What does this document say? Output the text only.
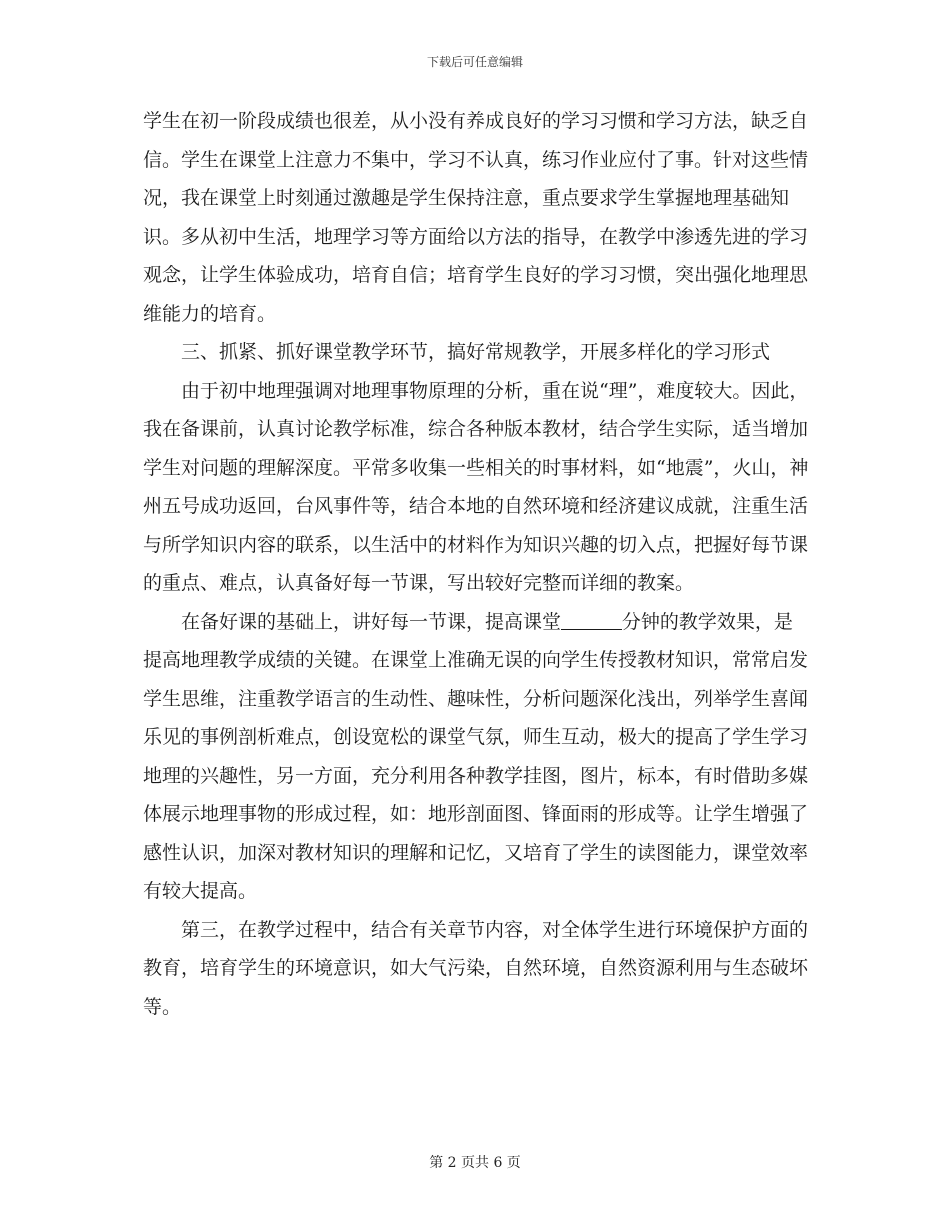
下载后可任意编辑

学生在初一阶段成绩也很差，从小没有养成良好的学习习惯和学习方法，缺乏自信。学生在课堂上注意力不集中，学习不认真，练习作业应付了事。针对这些情况，我在课堂上时刻通过激趣是学生保持注意，重点要求学生掌握地理基础知识。多从初中生活，地理学习等方面给以方法的指导，在教学中渗透先进的学习观念，让学生体验成功，培育自信；培育学生良好的学习习惯，突出强化地理思维能力的培育。

三、抓紧、抓好课堂教学环节，搞好常规教学，开展多样化的学习形式

由于初中地理强调对地理事物原理的分析，重在说“理”，难度较大。因此，我在备课前，认真讨论教学标准，综合各种版本教材，结合学生实际，适当增加学生对问题的理解深度。平常多收集一些相关的时事材料，如“地震”，火山，神州五号成功返回，台风事件等，结合本地的自然环境和经济建议成就，注重生活与所学知识内容的联系，以生活中的材料作为知识兴趣的切入点，把握好每节课的重点、难点，认真备好每一节课，写出较好完整而详细的教案。

在备好课的基础上，讲好每一节课，提高课堂	分钟的教学效果，是提高地理教学成绩的关键。在课堂上准确无误的向学生传授教材知识，常常启发学生思维，注重教学语言的生动性、趣味性，分析问题深化浅出，列举学生喜闻乐见的事例剖析难点，创设宽松的课堂气氛，师生互动，极大的提高了学生学习地理的兴趣性，另一方面，充分利用各种教学挂图，图片，标本，有时借助多媒体展示地理事物的形成过程，如：地形剖面图、锋面雨的形成等。让学生增强了感性认识，加深对教材知识的理解和记忆，又培育了学生的读图能力，课堂效率有较大提高。

第三，在教学过程中，结合有关章节内容，对全体学生进行环境保护方面的教育，培育学生的环境意识，如大气污染，自然环境，自然资源利用与生态破坏等。

第 2 页共 6 页
